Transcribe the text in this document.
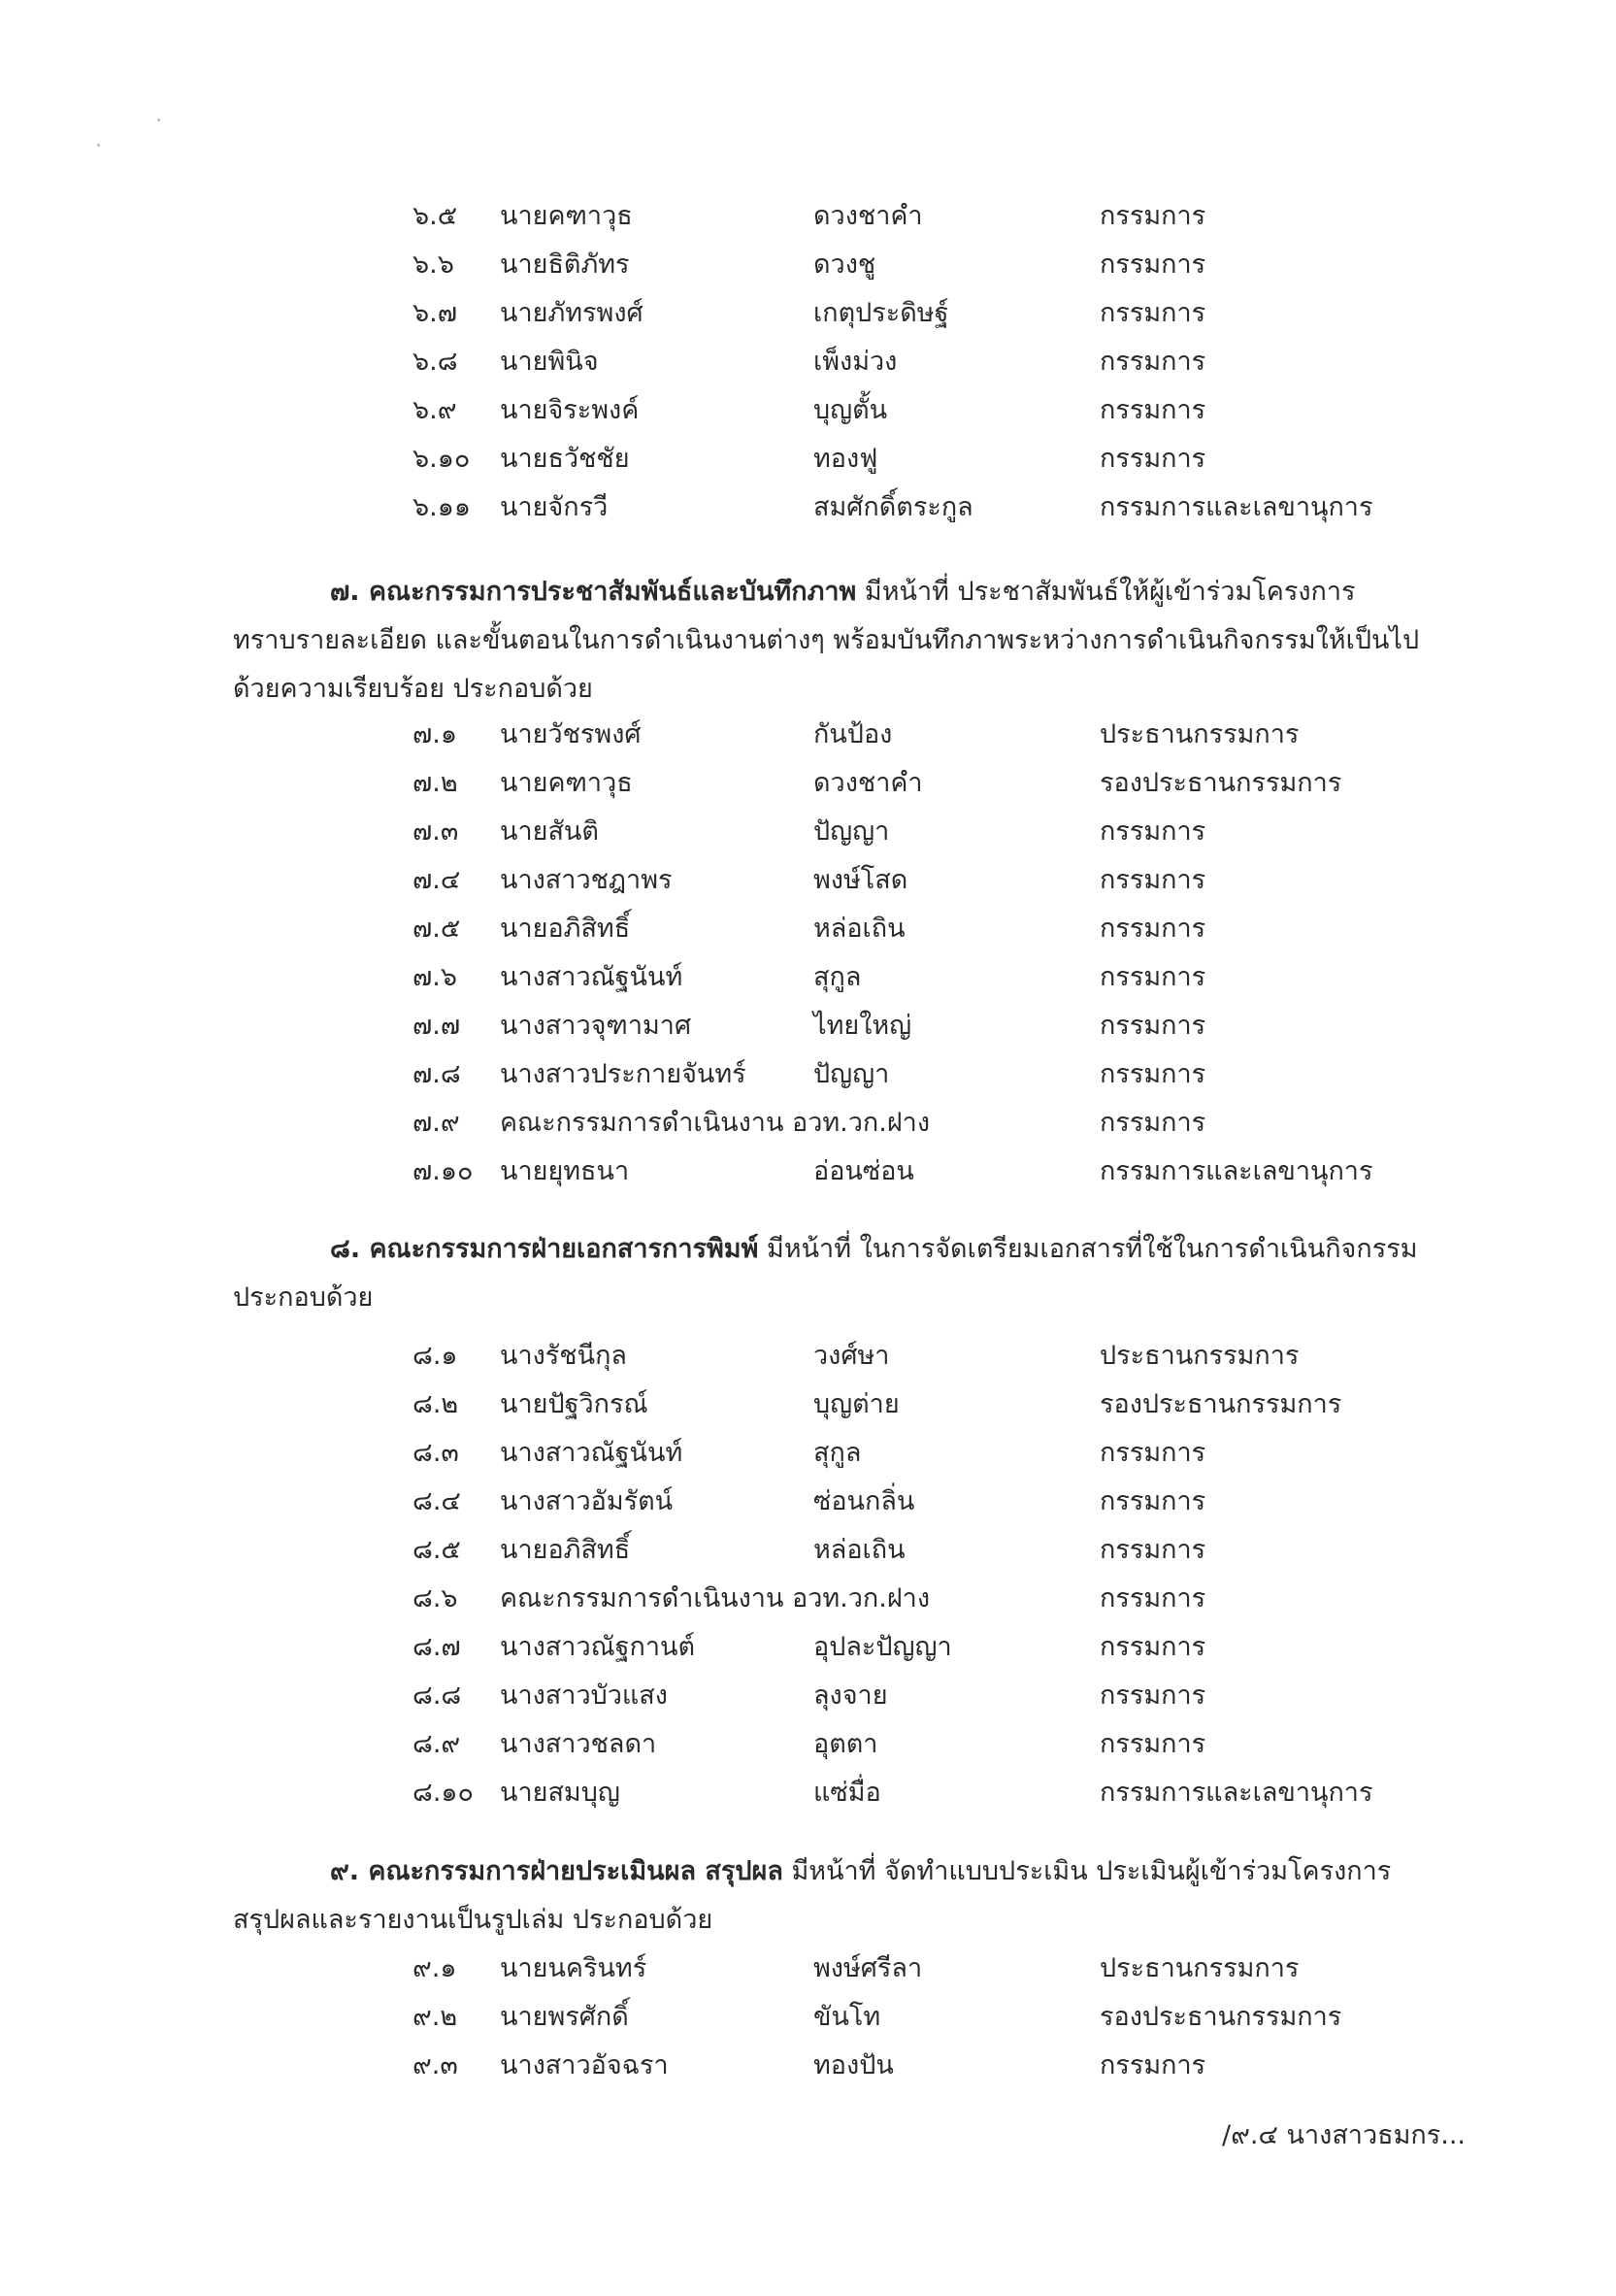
๖.๕ นายคฑาวุธ	ดวงชาคำ	กรรมการ
๖.๖ นายธิติภัทร	ดวงชู	กรรมการ
๖.๗ นายภัทรพงศ์	เกตุประดิษฐ์	กรรมการ
๖.๘ นายพินิจ	เพ็งม่วง	กรรมการ
๖.๙ นายจิระพงค์	บุญตั้น	กรรมการ
๖.๑๐ นายธวัชชัย	ทองฟู	กรรมการ
๖.๑๑ นายจักรวี	สมศักดิ์ตระกูล	กรรมการและเลขานุการ
๗. คณะกรรมการประชาสัมพันธ์และบันทึกภาพ มีหน้าที่ ประชาสัมพันธ์ให้ผู้เข้าร่วมโครงการ
ทราบรายละเอียด และขั้นตอนในการดำเนินงานต่างๆ พร้อมบันทึกภาพระหว่างการดำเนินกิจกรรมให้เป็นไป
ด้วยความเรียบร้อย ประกอบด้วย
๗.๑ นายวัชรพงศ์	กันป้อง	ประธานกรรมการ
๗.๒ นายคฑาวุธ	ดวงชาคำ	รองประธานกรรมการ
๗.๓ นายสันติ	ปัญญา	กรรมการ
๗.๔ นางสาวชฎาพร	พงษ์โสด	กรรมการ
๗.๕ นายอภิสิทธิ์	หล่อเถิน	กรรมการ
๗.๖ นางสาวณัฐนันท์	สุกูล	กรรมการ
๗.๗ นางสาวจุฑามาศ	ไทยใหญ่	กรรมการ
๗.๘ นางสาวประกายจันทร์	ปัญญา	กรรมการ
๗.๙ คณะกรรมการดำเนินงาน อวท.วก.ฝาง	กรรมการ
๗.๑๐ นายยุทธนา	อ่อนซ่อน	กรรมการและเลขานุการ
๘. คณะกรรมการฝ่ายเอกสารการพิมพ์ มีหน้าที่ ในการจัดเตรียมเอกสารที่ใช้ในการดำเนินกิจกรรม
ประกอบด้วย
๘.๑ นางรัชนีกุล	วงศ์ษา	ประธานกรรมการ
๘.๒ นายปัฐวิกรณ์	บุญต่าย	รองประธานกรรมการ
๘.๓ นางสาวณัฐนันท์	สุกูล	กรรมการ
๘.๔ นางสาวอัมรัตน์	ซ่อนกลิ่น	กรรมการ
๘.๕ นายอภิสิทธิ์	หล่อเถิน	กรรมการ
๘.๖ คณะกรรมการดำเนินงาน อวท.วก.ฝาง	กรรมการ
๘.๗ นางสาวณัฐกานต์	อุปละปัญญา	กรรมการ
๘.๘ นางสาวบัวแสง	ลุงจาย	กรรมการ
๘.๙ นางสาวชลดา	อุตตา	กรรมการ
๘.๑๐ นายสมบุญ	แซ่มื่อ	กรรมการและเลขานุการ
๙. คณะกรรมการฝ่ายประเมินผล สรุปผล มีหน้าที่ จัดทำแบบประเมิน ประเมินผู้เข้าร่วมโครงการ
สรุปผลและรายงานเป็นรูปเล่ม ประกอบด้วย
๙.๑ นายนครินทร์	พงษ์ศรีลา	ประธานกรรมการ
๙.๒ นายพรศักดิ์	ขันโท	รองประธานกรรมการ
๙.๓ นางสาวอัจฉรา	ทองปัน	กรรมการ
/๙.๔ นางสาวธมกร...
